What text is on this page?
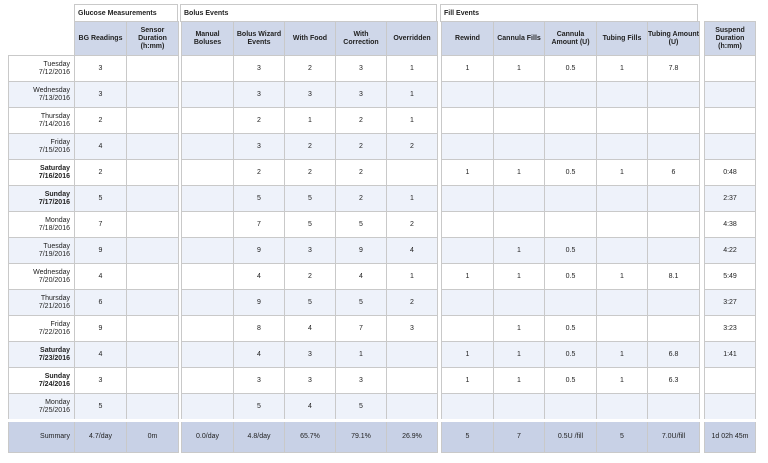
Glucose Measurements	Bolus Events	Fill Events
	BG Readings	Sensor Duration (h:mm)		Manual Boluses	Bolus Wizard Events	With Food	With Correction	Overridden		Rewind	Cannula Fills	Cannula Amount (U)	Tubing Fills	Tubing Amount (U)		Suspend Duration (h:mm)

Tuesday
7/12/2016	3				3	2	3	1		1	1	0.5	1	7.8		

Wednesday
7/13/2016	3				3	3	3	1								

Thursday
7/14/2016	2				2	1	2	1								

Friday
7/15/2016	4				3	2	2	2								

Saturday
7/16/2016	2				2	2	2			1	1	0.5	1	6		0:48

Sunday
7/17/2016	5				5	5	2	1								2:37

Monday
7/18/2016	7				7	5	5	2								4:38

Tuesday
7/19/2016	9				9	3	9	4			1	0.5				4:22

Wednesday
7/20/2016	4				4	2	4	1		1	1	0.5	1	8.1		5:49

Thursday
7/21/2016	6				9	5	5	2								3:27

Friday
7/22/2016	9				8	4	7	3			1	0.5				3:23

Saturday
7/23/2016	4				4	3	1			1	1	0.5	1	6.8		1:41

Sunday
7/24/2016	3				3	3	3			1	1	0.5	1	6.3		

Monday
7/25/2016	5				5	4	5									
Summary	4.7/day	0m		0.0/day	4.8/day	65.7%	79.1%	26.9%		5	7	0.5U /fill	5	7.0U/fill		1d 02h 45m
